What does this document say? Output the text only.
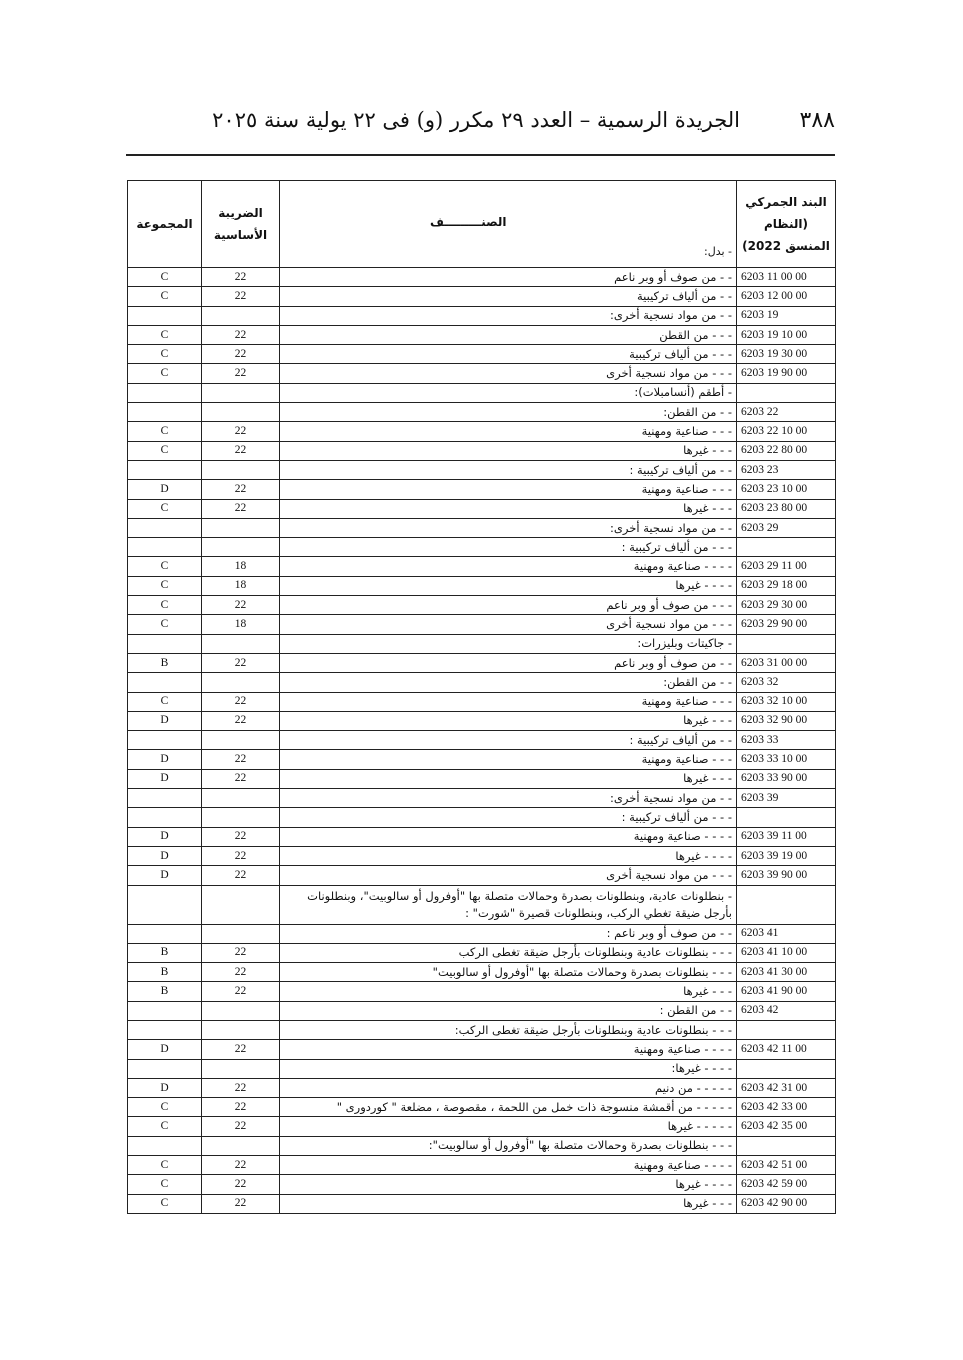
٣٨٨
الجريدة الرسمية – العدد ٢٩ مكرر (و) فى ٢٢ يولية سنة ٢٠٢٥
البند الجمركي (النظام المنسق 2022)	الصنـــــــــف
- بدل:	الضريبة الأساسية	المجموعة
6203 11 00 00	- - من صوف أو وبر ناعم	22	C
6203 12 00 00	- - من ألياف تركيبية	22	C
6203 19	- - من مواد نسجية أخرى:		
6203 19 10 00	- - - من القطن	22	C
6203 19 30 00	- - - من ألياف تركيبية	22	C
6203 19 90 00	- - - من مواد نسجية أخرى	22	C
	- أطقم (أنسامبلات):		
6203 22	- - من القطن:		
6203 22 10 00	- - - صناعية ومهنية	22	C
6203 22 80 00	- - - غيرها	22	C
6203 23	- - من ألياف تركيبية :		
6203 23 10 00	- - - صناعية ومهنية	22	D
6203 23 80 00	- - - غيرها	22	C
6203 29	- - من مواد نسجية أخرى:		
	- - - من ألياف تركيبية :		
6203 29 11 00	- - - - صناعية ومهنية	18	C
6203 29 18 00	- - - - غيرها	18	C
6203 29 30 00	- - - من صوف أو وبر ناعم	22	C
6203 29 90 00	- - - من مواد نسجية أخرى	18	C
	- جاكيتات وبليزرات:		
6203 31 00 00	- - من صوف أو وبر ناعم	22	B
6203 32	- - من القطن:		
6203 32 10 00	- - - صناعية ومهنية	22	C
6203 32 90 00	- - - غيرها	22	D
6203 33	- - من ألياف تركيبية :		
6203 33 10 00	- - - صناعية ومهنية	22	D
6203 33 90 00	- - - غيرها	22	D
6203 39	- - من مواد نسجية أخرى:		
	- - - من ألياف تركيبية :		
6203 39 11 00	- - - - صناعية ومهنية	22	D
6203 39 19 00	- - - - غيرها	22	D
6203 39 90 00	- - - من مواد نسجية أخرى	22	D
	- بنطلونات عادية، وبنطلونات بصدرة وحمالات متصلة بها "أوفرول أو سالوبيت"، وبنطلونات بأرجل ضيقة تغطي الركب، وبنطلونات قصيرة "شورت" :		
6203 41	- - من صوف أو وبر ناعم :		
6203 41 10 00	- - - بنطلونات عادية وبنطلونات بأرجل ضيقة تغطى الركب	22	B
6203 41 30 00	- - - بنطلونات بصدرة وحمالات متصلة بها "أوفرول أو سالوبيت"	22	B
6203 41 90 00	- - - غيرها	22	B
6203 42	- - من القطن :		
	- - - بنطلونات عادية وبنطلونات بأرجل ضيقة تغطى الركب:		
6203 42 11 00	- - - - صناعية ومهنية	22	D
	- - - - غيرها:		
6203 42 31 00	- - - - - من دنيم	22	D
6203 42 33 00	- - - - - من أقمشة منسوجة ذات خمل من اللحمة ، مقصوصة ، مضلعة " كوردورى "	22	C
6203 42 35 00	- - - - - غيرها	22	C
	- - - بنطلونات بصدرة وحمالات متصلة بها "أوفرول أو سالوبيت":		
6203 42 51 00	- - - - صناعية ومهنية	22	C
6203 42 59 00	- - - - غيرها	22	C
6203 42 90 00	- - - غيرها	22	C
